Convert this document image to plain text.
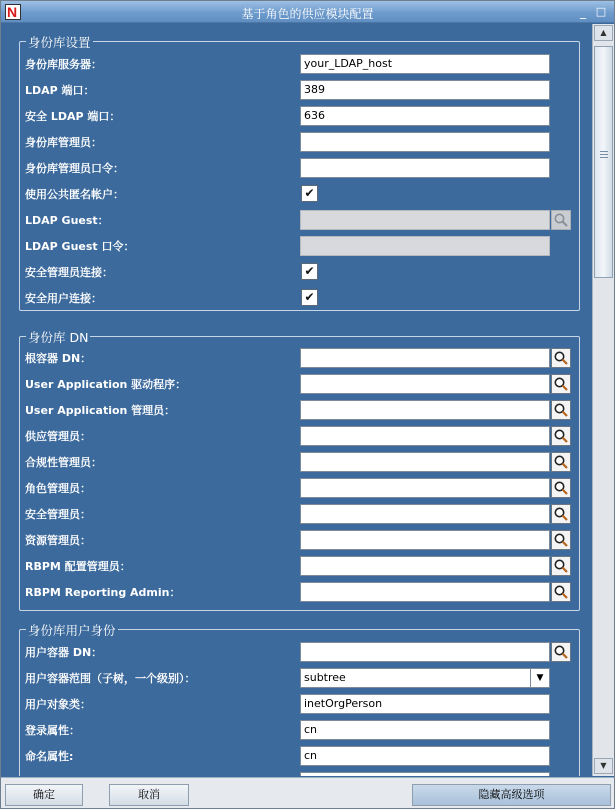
N	基于角色的供应模块配置	_ □
身份库设置
身份库服务器：	your_LDAP_host
LDAP 端口：	389
安全 LDAP 端口：	636
身份库管理员：
身份库管理员口令：
使用公共匿名帐户：	✔
LDAP Guest：
LDAP Guest 口令：
安全管理员连接：	✔
安全用户连接：	✔
身份库 DN
根容器 DN：
User Application 驱动程序：
User Application 管理员：
供应管理员：
合规性管理员：
角色管理员：
安全管理员：
资源管理员：
RBPM 配置管理员：
RBPM Reporting Admin：
身份库用户身份
用户容器 DN：
用户容器范围（子树，一个级别）：	subtree	▼
用户对象类：	inetOrgPerson
登录属性：	cn
命名属性:	cn
▲
▼
确定	取消	隐藏高级选项
